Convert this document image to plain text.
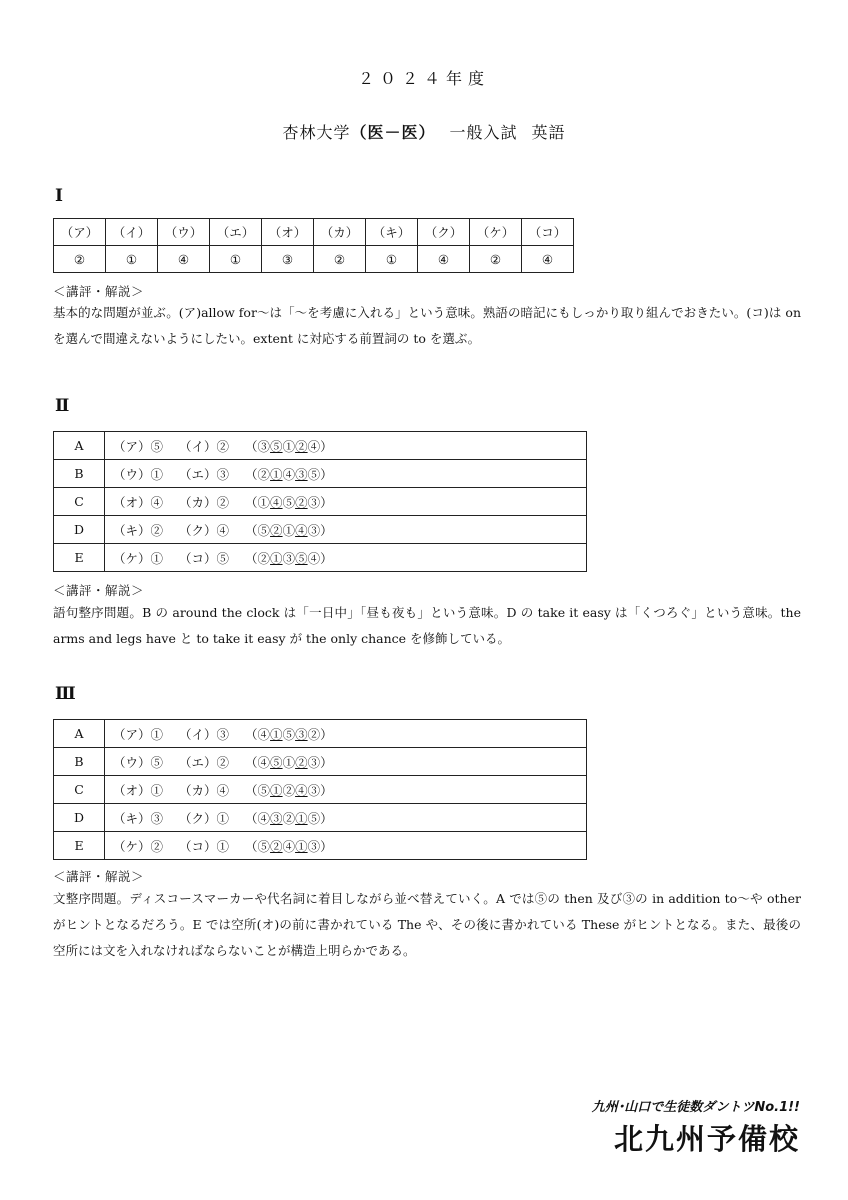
２０２４年度
杏林大学（医－医） 一般入試 英語
Ⅰ
（ア）	（イ）	（ウ）	（エ）	（オ）	（カ）	（キ）	（ク）	（ケ）	（コ）
②	①	④	①	③	②	①	④	②	④
＜講評・解説＞
基本的な問題が並ぶ。(ア)allow for～は「～を考慮に入れる」という意味。熟語の暗記にもしっかり取り組んでおきたい。(コ)は on を選んで間違えないようにしたい。extent に対応する前置詞の to を選ぶ。
Ⅱ
A	（ア）⑤ （イ）② （③⑤①②④）
B	（ウ）① （エ）③ （②①④③⑤）
C	（オ）④ （カ）② （①④⑤②③）
D	（キ）② （ク）④ （⑤②①④③）
E	（ケ）① （コ）⑤ （②①③⑤④）
＜講評・解説＞
語句整序問題。B の around the clock は「一日中」「昼も夜も」という意味。D の take it easy は「くつろぐ」という意味。the arms and legs have と to take it easy が the only chance を修飾している。
Ⅲ
A	（ア）① （イ）③ （④①⑤③②）
B	（ウ）⑤ （エ）② （④⑤①②③）
C	（オ）① （カ）④ （⑤①②④③）
D	（キ）③ （ク）① （④③②①⑤）
E	（ケ）② （コ）① （⑤②④①③）
＜講評・解説＞
文整序問題。ディスコースマーカーや代名詞に着目しながら並べ替えていく。A では⑤の then 及び③の in addition to～や other がヒントとなるだろう。E では空所(オ)の前に書かれている The や、その後に書かれている These がヒントとなる。また、最後の空所には文を入れなければならないことが構造上明らかである。
九州･山口で生徒数ダントツNo.1!!
北九州予備校
